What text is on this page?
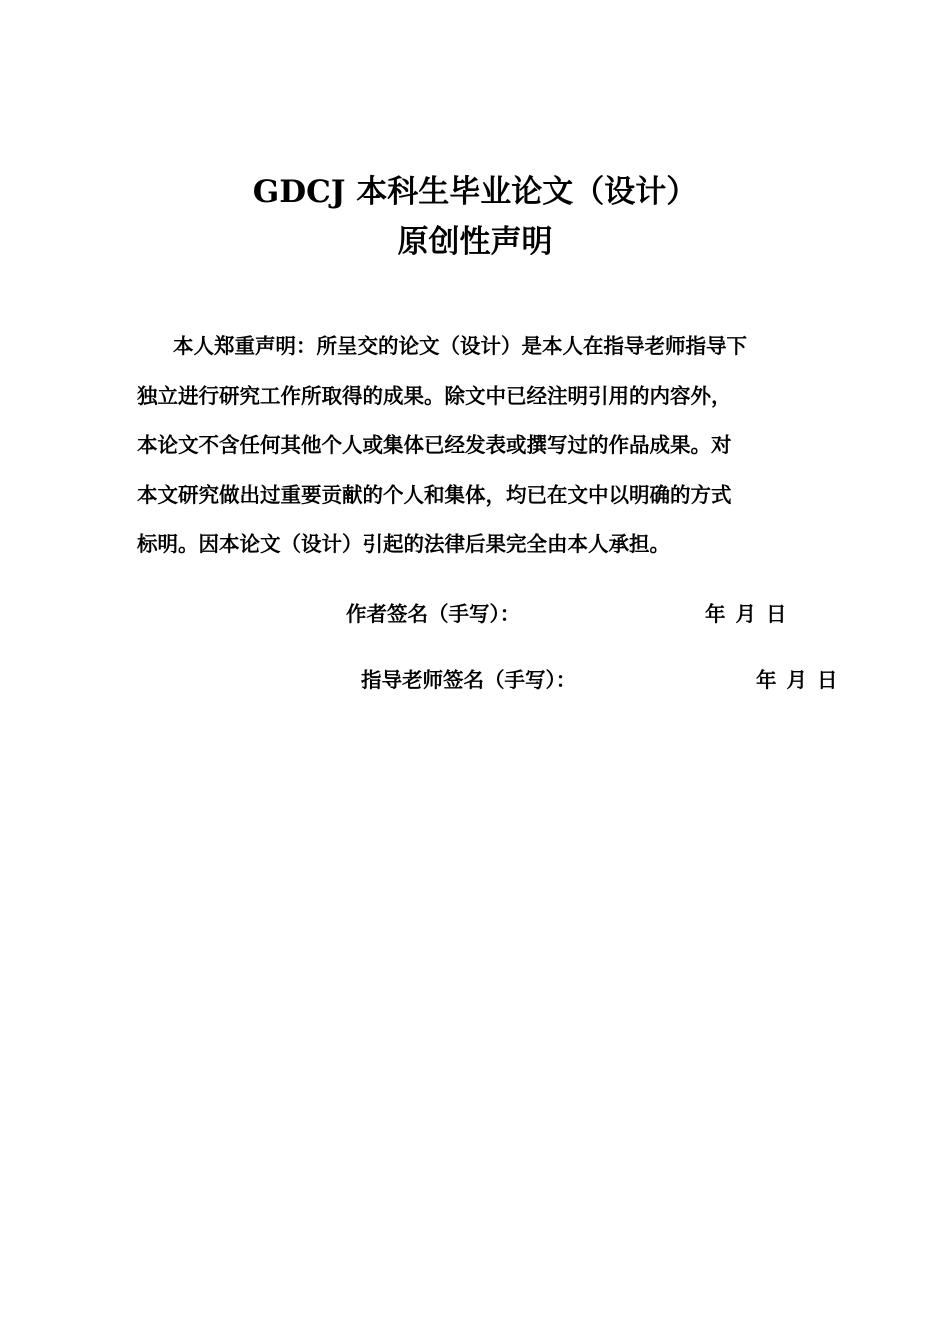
GDCJ 本科生毕业论文（设计）
原创性声明
本人郑重声明：所呈交的论文（设计）是本人在指导老师指导下
独立进行研究工作所取得的成果。除文中已经注明引用的内容外，
本论文不含任何其他个人或集体已经发表或撰写过的作品成果。对
本文研究做出过重要贡献的个人和集体，均已在文中以明确的方式
标明。因本论文（设计）引起的法律后果完全由本人承担。
作者签名（手写）：	年 月 日
指导老师签名（手写）：	年 月 日
